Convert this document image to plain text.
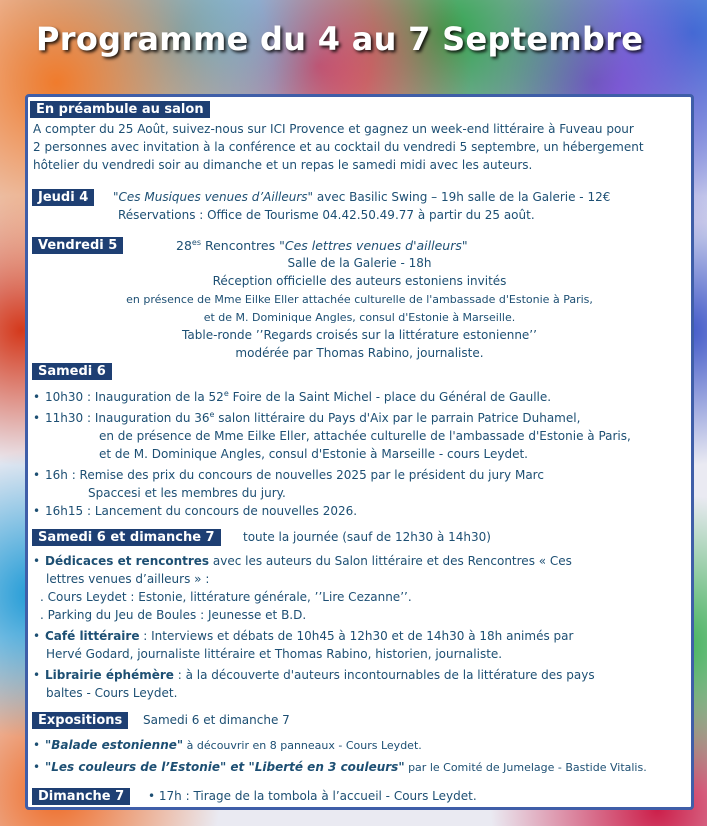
Programme du 4 au 7 Septembre
En préambule au salon
A compter du 25 Août, suivez-nous sur ICI Provence et gagnez un week-end littéraire à Fuveau pour
2 personnes avec invitation à la conférence et au cocktail du vendredi 5 septembre, un hébergement
hôtelier du vendredi soir au dimanche et un repas le samedi midi avec les auteurs.
Jeudi 4	"Ces Musiques venues d’Ailleurs" avec Basilic Swing – 19h salle de la Galerie - 12€
Réservations : Office de Tourisme 04.42.50.49.77 à partir du 25 août.
Vendredi 5	$28^{es}$ Rencontres "Ces lettres venues d'ailleurs"
Salle de la Galerie - 18h
Réception officielle des auteurs estoniens invités
en présence de Mme Eilke Eller attachée culturelle de l'ambassade d'Estonie à Paris,
et de M. Dominique Angles, consul d'Estonie à Marseille.
Table-ronde ’’Regards croisés sur la littérature estonienne’’
modérée par Thomas Rabino, journaliste.
Samedi 6
• 10h30 : Inauguration de la 52e Foire de la Saint Michel - place du Général de Gaulle.
• 11h30 : Inauguration du 36e salon littéraire du Pays d'Aix par le parrain Patrice Duhamel,
en de présence de Mme Eilke Eller, attachée culturelle de l'ambassade d'Estonie à Paris,
et de M. Dominique Angles, consul d'Estonie à Marseille - cours Leydet.
• 16h : Remise des prix du concours de nouvelles 2025 par le président du jury Marc
Spaccesi et les membres du jury.
• 16h15 : Lancement du concours de nouvelles 2026.
Samedi 6 et dimanche 7	toute la journée (sauf de 12h30 à 14h30)
• Dédicaces et rencontres avec les auteurs du Salon littéraire et des Rencontres « Ces
lettres venues d’ailleurs » :
. Cours Leydet : Estonie, littérature générale, ’’Lire Cezanne’’.
. Parking du Jeu de Boules : Jeunesse et B.D.
• Café littéraire : Interviews et débats de 10h45 à 12h30 et de 14h30 à 18h animés par
Hervé Godard, journaliste littéraire et Thomas Rabino, historien, journaliste.
• Librairie éphémère : à la découverte d'auteurs incontournables de la littérature des pays
baltes - Cours Leydet.
Expositions	Samedi 6 et dimanche 7
• "Balade estonienne" à découvrir en 8 panneaux - Cours Leydet.
• "Les couleurs de l’Estonie" et "Liberté en 3 couleurs" par le Comité de Jumelage - Bastide Vitalis.
Dimanche 7	• 17h : Tirage de la tombola à l’accueil - Cours Leydet.
